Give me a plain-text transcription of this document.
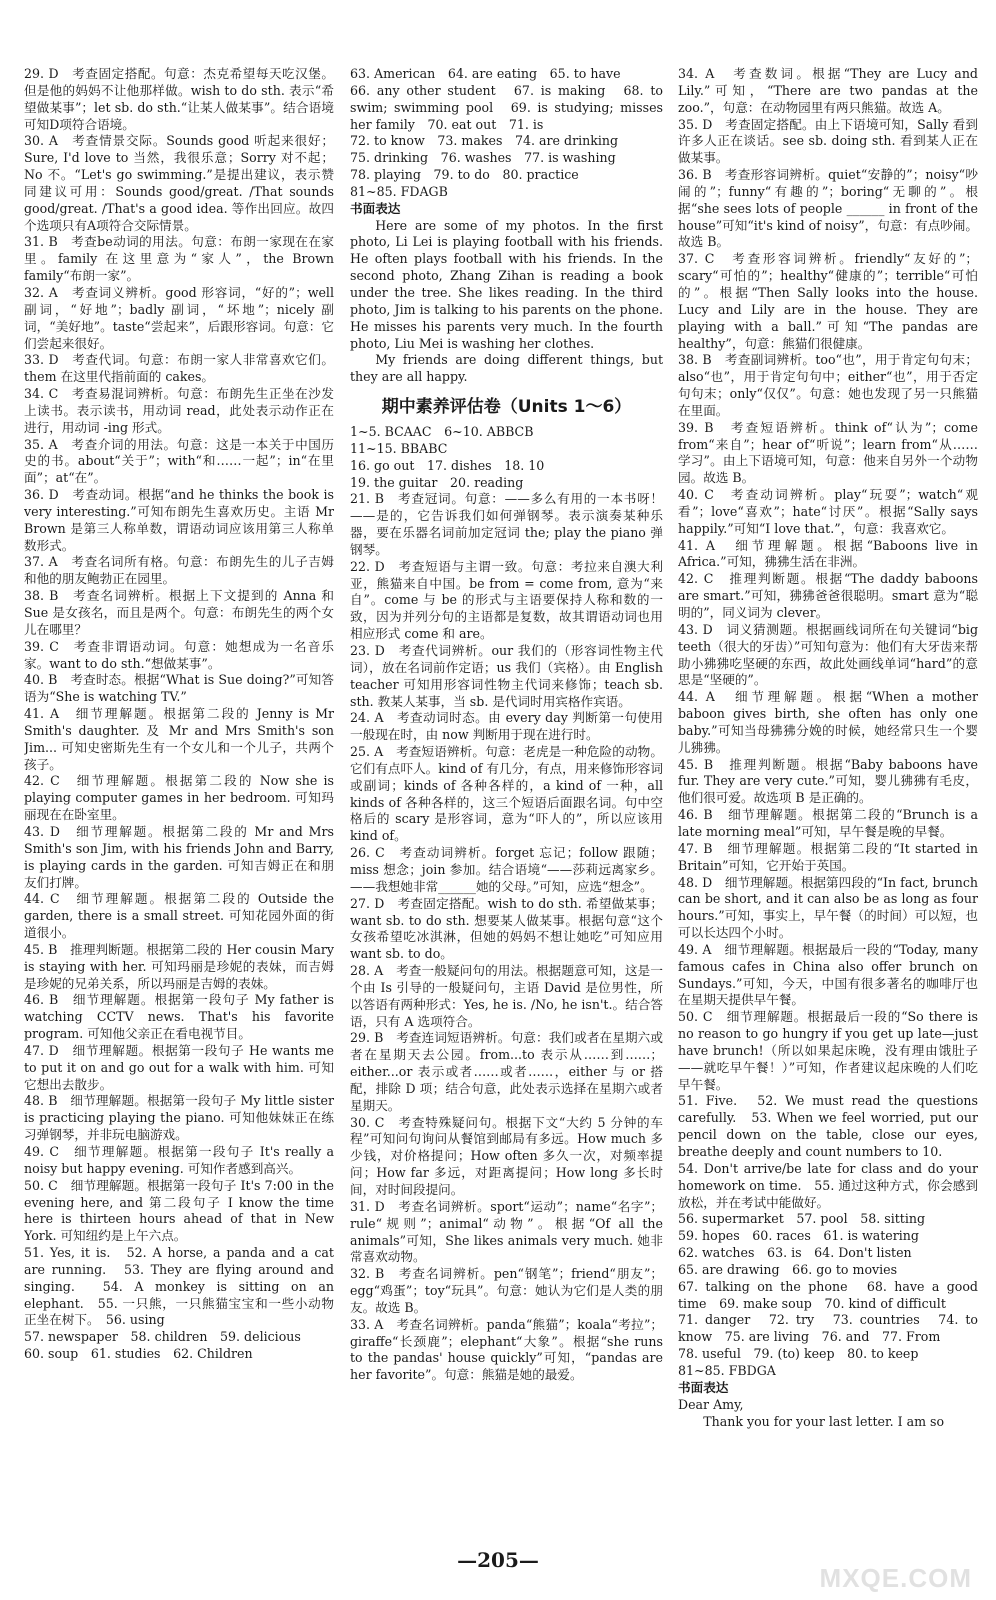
29. D　考查固定搭配。句意：杰克希望每天吃汉堡。但是他的妈妈不让他那样做。wish to do sth. 表示“希望做某事”；let sb. do sth.“让某人做某事”。结合语境可知D项符合语境。

30. A　考查情景交际。Sounds good 听起来很好；Sure, I'd love to 当然，我很乐意；Sorry 对不起；No 不。“Let's go swimming.”是提出建议，表示赞同建议可用：Sounds good/great. /That sounds good/great. /That's a good idea. 等作出回应。故四个选项只有A项符合交际情景。

31. B　考查be动词的用法。句意：布朗一家现在在家里。family 在这里意为“家人”，the Brown family“布朗一家”。

32. A　考查词义辨析。good 形容词，“好的”；well 副词，“好地”；badly 副词，“坏地”；nicely 副词，“美好地”。taste“尝起来”，后跟形容词。句意：它们尝起来很好。

33. D　考查代词。句意：布朗一家人非常喜欢它们。them 在这里代指前面的 cakes。

34. C　考查易混词辨析。句意：布朗先生正坐在沙发上读书。表示读书，用动词 read，此处表示动作正在进行，用动词 -ing 形式。

35. A　考查介词的用法。句意：这是一本关于中国历史的书。about“关于”；with“和……一起”；in“在里面”；at“在”。

36. D　考查动词。根据“and he thinks the book is very interesting.”可知布朗先生喜欢历史。主语 Mr Brown 是第三人称单数，谓语动词应该用第三人称单数形式。

37. A　考查名词所有格。句意：布朗先生的儿子吉姆和他的朋友鲍勃正在园里。

38. B　考查名词辨析。根据上下文提到的 Anna 和 Sue 是女孩名，而且是两个。句意：布朗先生的两个女儿在哪里？

39. C　考查非谓语动词。句意：她想成为一名音乐家。want to do sth.“想做某事”。

40. B　考查时态。根据“What is Sue doing?”可知答语为“She is watching TV.”

41. A　细节理解题。根据第二段的 Jenny is Mr Smith's daughter. 及 Mr and Mrs Smith's son Jim... 可知史密斯先生有一个女儿和一个儿子，共两个孩子。

42. C　细节理解题。根据第二段的 Now she is playing computer games in her bedroom. 可知玛丽现在在卧室里。

43. D　细节理解题。根据第二段的 Mr and Mrs Smith's son Jim, with his friends John and Barry, is playing cards in the garden. 可知吉姆正在和朋友们打牌。

44. C　细节理解题。根据第二段的 Outside the garden, there is a small street. 可知花园外面的街道很小。

45. B　推理判断题。根据第二段的 Her cousin Mary is staying with her. 可知玛丽是珍妮的表妹，而吉姆是珍妮的兄弟关系，所以玛丽是吉姆的表妹。

46. B　细节理解题。根据第一段句子 My father is watching CCTV news. That's his favorite program. 可知他父亲正在看电视节目。

47. D　细节理解题。根据第一段句子 He wants me to put it on and go out for a walk with him. 可知它想出去散步。

48. B　细节理解题。根据第一段句子 My little sister is practicing playing the piano. 可知他妹妹正在练习弹钢琴，并非玩电脑游戏。

49. C　细节理解题。根据第一段句子 It's really a noisy but happy evening. 可知作者感到高兴。

50. C　细节理解题。根据第一段句子 It's 7:00 in the evening here, and 第二段句子 I know the time here is thirteen hours ahead of that in New York. 可知纽约是上午六点。

51. Yes, it is.　52. A horse, a panda and a cat are running.　53. They are flying around and singing.　54. A monkey is sitting on an elephant.　55. 一只熊，一只熊猫宝宝和一些小动物正坐在树下。　56. using

57. newspaper　58. children　59. delicious

60. soup　61. studies　62. Children

63. American　64. are eating　65. to have

66. any other student　67. is making　68. to swim; swimming pool　69. is studying; misses her family　70. eat out　71. is

72. to know　73. makes　74. are drinking

75. drinking　76. washes　77. is washing

78. playing　79. to do　80. practice

81~85. FDAGB

书面表达

Here are some of my photos. In the first photo, Li Lei is playing football with his friends. He often plays football with his friends. In the second photo, Zhang Zihan is reading a book under the tree. She likes reading. In the third photo, Jim is talking to his parents on the phone. He misses his parents very much. In the fourth photo, Liu Mei is washing her clothes.

My friends are doing different things, but they are all happy.

期中素养评估卷（Units 1～6）

1~5. BCAAC　6~10. ABBCB

11~15. BBABC

16. go out　17. dishes　18. 10

19. the guitar　20. reading

21. B　考查冠词。句意：——多么有用的一本书呀！——是的，它告诉我们如何弹钢琴。表示演奏某种乐器，要在乐器名词前加定冠词 the; play the piano 弹钢琴。

22. D　考查短语与主谓一致。句意：考拉来自澳大利亚，熊猫来自中国。be from = come from, 意为“来自”。come 与 be 的形式与主语要保持人称和数的一致，因为并列分句的主语都是复数，故其谓语动词也用相应形式 come 和 are。

23. D　考查代词辨析。our 我们的（形容词性物主代词），放在名词前作定语；us 我们（宾格）。由 English teacher 可知用形容词性物主代词来修饰；teach sb. sth. 教某人某事，当 sb. 是代词时用宾格作宾语。

24. A　考查动词时态。由 every day 判断第一句使用一般现在时，由 now 判断用于现在进行时。

25. A　考查短语辨析。句意：老虎是一种危险的动物。它们有点吓人。kind of 有几分，有点，用来修饰形容词或副词；kinds of 各种各样的，a kind of 一种，all kinds of 各种各样的，这三个短语后面跟名词。句中空格后的 scary 是形容词，意为“吓人的”，所以应该用 kind of。

26. C　考查动词辨析。forget 忘记；follow 跟随；miss 想念；join 参加。结合语境“——莎莉远离家乡。——我想她非常______她的父母。”可知，应选“想念”。

27. D　考查固定搭配。wish to do sth. 希望做某事；want sb. to do sth. 想要某人做某事。根据句意“这个女孩希望吃冰淇淋，但她的妈妈不想让她吃”可知应用 want sb. to do。

28. A　考查一般疑问句的用法。根据题意可知，这是一个由 Is 引导的一般疑问句，主语 David 是位男性，所以答语有两种形式：Yes, he is. /No, he isn't.。结合答语，只有 A 选项符合。

29. B　考查连词短语辨析。句意：我们或者在星期六或者在星期天去公园。from...to 表示从……到……；either...or 表示或者……或者……，either 与 or 搭配，排除 D 项；结合句意，此处表示选择在星期六或者星期天。

30. C　考查特殊疑问句。根据下文“大约 5 分钟的车程”可知问句询问从餐馆到邮局有多远。How much 多少钱，对价格提问；How often 多久一次，对频率提问；How far 多远，对距离提问；How long 多长时间，对时间段提问。

31. D　考查名词辨析。sport“运动”；name“名字”；rule“规则”；animal“动物”。根据“Of all the animals”可知，She likes animals very much. 她非常喜欢动物。

32. B　考查名词辨析。pen“钢笔”；friend“朋友”；egg“鸡蛋”；toy“玩具”。句意：她认为它们是人类的朋友。故选 B。

33. A　考查名词辨析。panda“熊猫”；koala“考拉”；giraffe“长颈鹿”；elephant“大象”。根据“she runs to the pandas' house quickly”可知，“pandas are her favorite”。句意：熊猫是她的最爱。

34. A　考查数词。根据“They are Lucy and Lily.”可知，“There are two pandas at the zoo.”，句意：在动物园里有两只熊猫。故选 A。

35. D　考查固定搭配。由上下语境可知，Sally 看到许多人正在谈话。see sb. doing sth. 看到某人正在做某事。

36. B　考查形容词辨析。quiet“安静的”；noisy“吵闹的”；funny“有趣的”；boring“无聊的”。根据“she sees lots of people ______ in front of the house”可知“it's kind of noisy”，句意：有点吵闹。故选 B。

37. C　考查形容词辨析。friendly“友好的”；scary“可怕的”；healthy“健康的”；terrible“可怕的”。根据“Then Sally looks into the house. Lucy and Lily are in the house. They are playing with a ball.”可知“The pandas are healthy”，句意：熊猫们很健康。

38. B　考查副词辨析。too“也”，用于肯定句句末；also“也”，用于肯定句句中；either“也”，用于否定句句末；only“仅仅”。句意：她也发现了另一只熊猫在里面。

39. B　考查短语辨析。think of“认为”；come from“来自”；hear of“听说”；learn from“从……学习”。由上下语境可知，句意：他来自另外一个动物园。故选 B。

40. C　考查动词辨析。play“玩耍”；watch“观看”；love“喜欢”；hate“讨厌”。根据“Sally says happily.”可知“I love that.”，句意：我喜欢它。

41. A　细节理解题。根据“Baboons live in Africa.”可知，狒狒生活在非洲。

42. C　推理判断题。根据“The daddy baboons are smart.”可知，狒狒爸爸很聪明。smart 意为“聪明的”，同义词为 clever。

43. D　词义猜测题。根据画线词所在句关键词“big teeth（很大的牙齿）”可知句意为：他们有大牙齿来帮助小狒狒吃坚硬的东西，故此处画线单词“hard”的意思是“坚硬的”。

44. A　细节理解题。根据“When a mother baboon gives birth, she often has only one baby.”可知当母狒狒分娩的时候，她经常只生一个婴儿狒狒。

45. B　推理判断题。根据“Baby baboons have fur. They are very cute.”可知，婴儿狒狒有毛皮，他们很可爱。故选项 B 是正确的。

46. B　细节理解题。根据第二段的“Brunch is a late morning meal”可知，早午餐是晚的早餐。

47. B　细节理解题。根据第二段的“It started in Britain”可知，它开始于英国。

48. D　细节理解题。根据第四段的“In fact, brunch can be short, and it can also be as long as four hours.”可知，事实上，早午餐（的时间）可以短，也可以长达四个小时。

49. A　细节理解题。根据最后一段的“Today, many famous cafes in China also offer brunch on Sundays.”可知，今天，中国有很多著名的咖啡厅也在星期天提供早午餐。

50. C　细节理解题。根据最后一段的“So there is no reason to go hungry if you get up late—just have brunch!（所以如果起床晚，没有理由饿肚子——就吃早午餐！）”可知，作者建议起床晚的人们吃早午餐。

51. Five.　52. We must read the questions carefully.　53. When we feel worried, put our pencil down on the table, close our eyes, breathe deeply and count numbers to 10.

54. Don't arrive/be late for class and do your homework on time.　55. 通过这种方式，你会感到放松，并在考试中能做好。

56. supermarket　57. pool　58. sitting

59. hopes　60. races　61. is watering

62. watches　63. is　64. Don't listen

65. are drawing　66. go to movies

67. talking on the phone　68. have a good time　69. make soup　70. kind of difficult

71. danger　72. try　73. countries　74. to know　75. are living　76. and　77. From

78. useful　79. (to) keep　80. to keep

81~85. FBDGA

书面表达

Dear Amy,

Thank you for your last letter. I am so

—205—
MXQE.COM
